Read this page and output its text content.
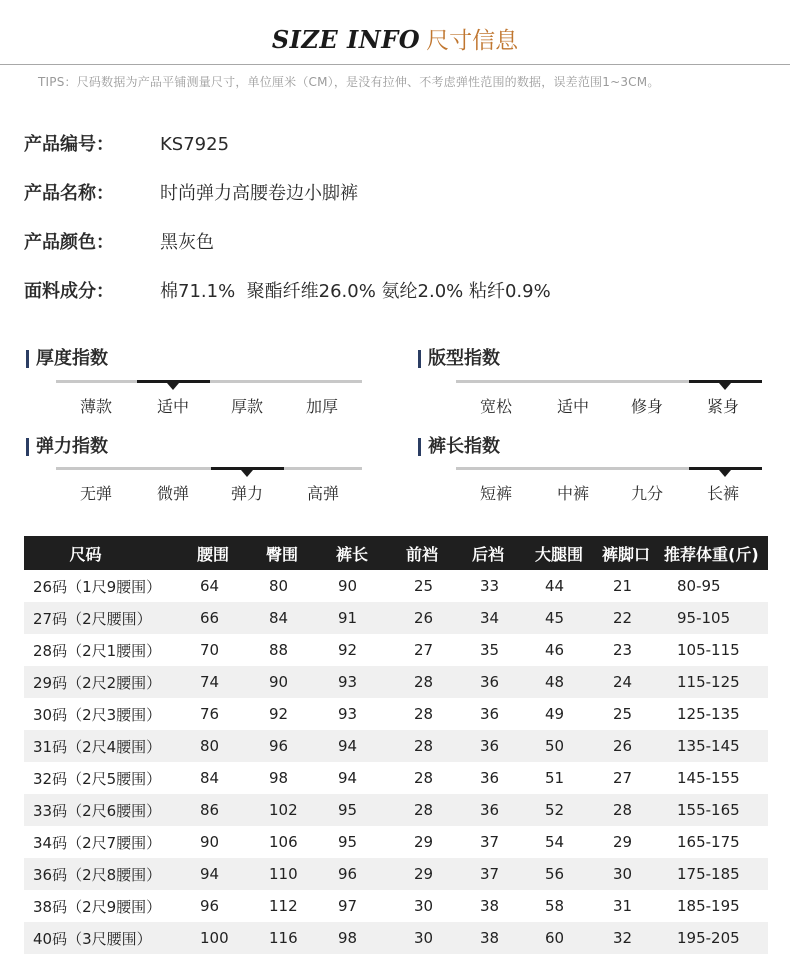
SIZE INFO 尺寸信息
TIPS：尺码数据为产品平铺测量尺寸，单位厘米（CM），是没有拉伸、不考虑弹性范围的数据，误差范围1~3CM。
产品编号：	KS7925
产品名称：	时尚弹力高腰卷边小脚裤
产品颜色：	黑灰色
面料成分：	棉71.1%  聚酯纤维26.0% 氨纶2.0% 粘纤0.9%
厚度指数
薄款	适中	厚款	加厚
版型指数
宽松	适中	修身	紧身
弹力指数
无弹	微弹	弹力	高弹
裤长指数
短裤	中裤	九分	长裤
尺码	腰围	臀围	裤长	前裆	后裆	大腿围	裤脚口	推荐体重(斤)
26码（1尺9腰围）	64	80	90	25	33	44	21	80-95
27码（2尺腰围）	66	84	91	26	34	45	22	95-105
28码（2尺1腰围）	70	88	92	27	35	46	23	105-115
29码（2尺2腰围）	74	90	93	28	36	48	24	115-125
30码（2尺3腰围）	76	92	93	28	36	49	25	125-135
31码（2尺4腰围）	80	96	94	28	36	50	26	135-145
32码（2尺5腰围）	84	98	94	28	36	51	27	145-155
33码（2尺6腰围）	86	102	95	28	36	52	28	155-165
34码（2尺7腰围）	90	106	95	29	37	54	29	165-175
36码（2尺8腰围）	94	110	96	29	37	56	30	175-185
38码（2尺9腰围）	96	112	97	30	38	58	31	185-195
40码（3尺腰围）	100	116	98	30	38	60	32	195-205
